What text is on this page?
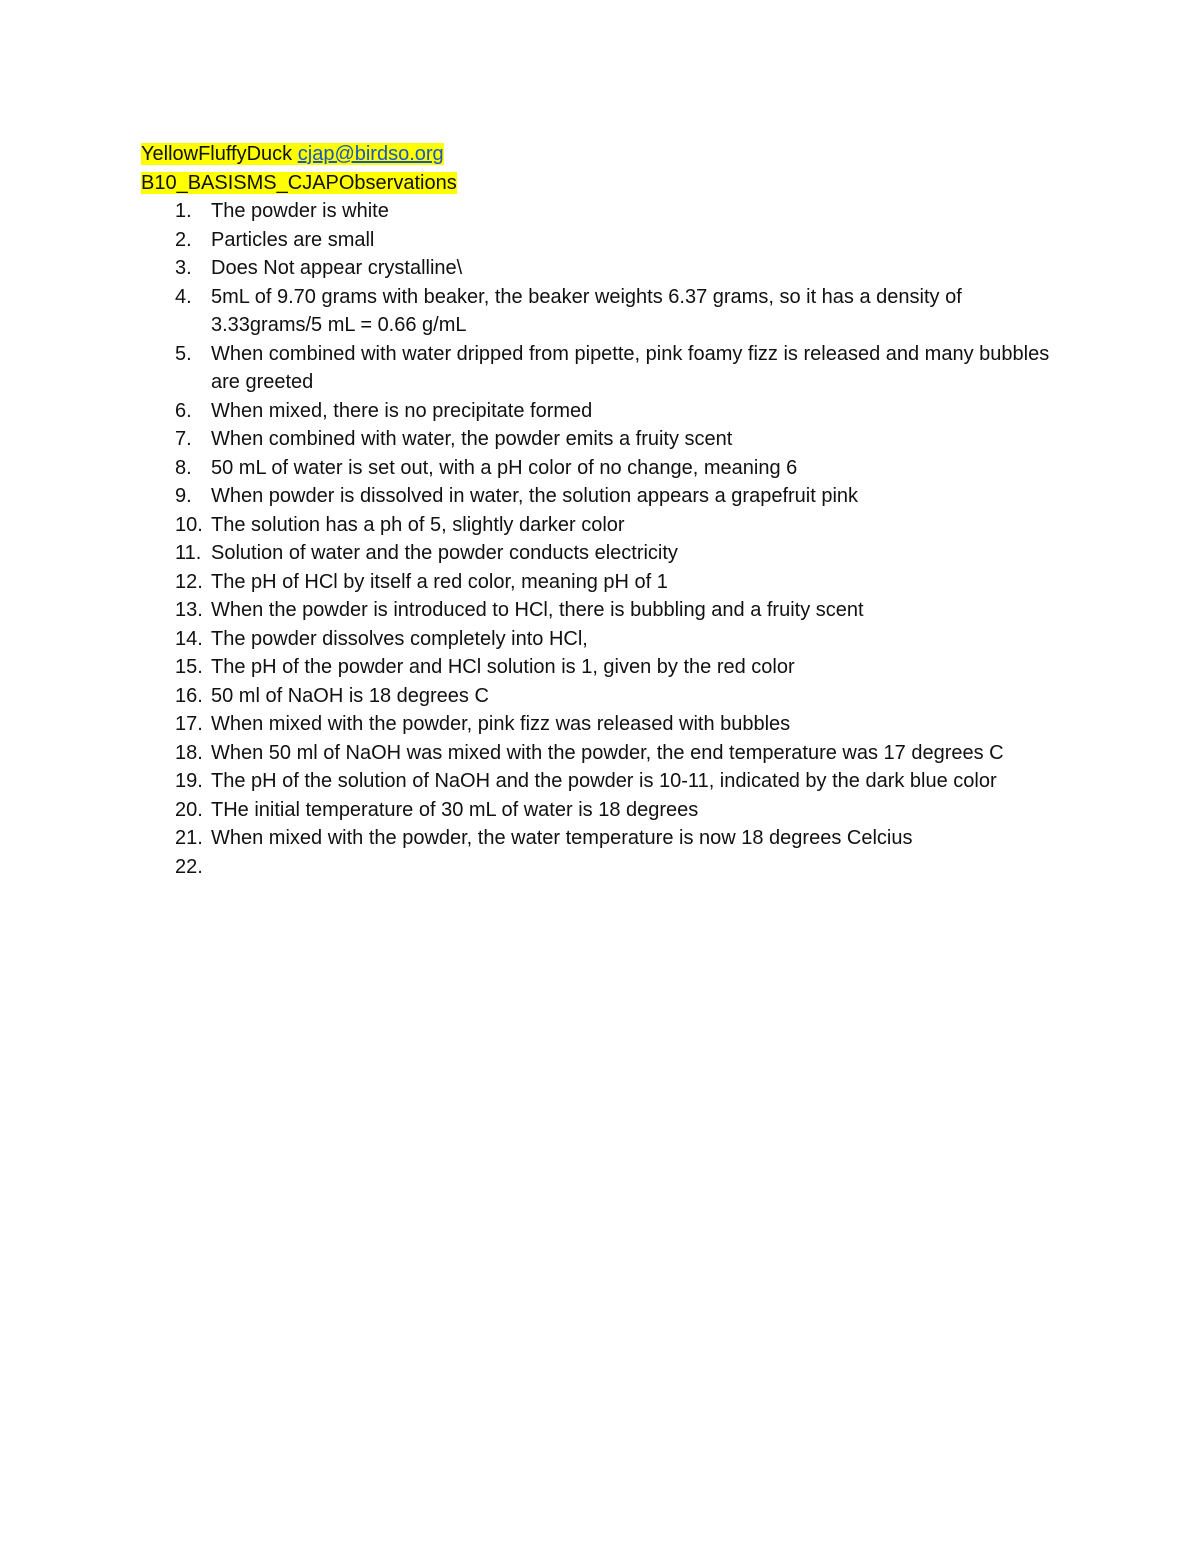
YellowFluffyDuck cjap@birdso.org
B10_BASISMS_CJAPObservations
1. The powder is white
2. Particles are small
3. Does Not appear crystalline\
4. 5mL of 9.70 grams with beaker, the beaker weights 6.37 grams, so it has a density of 3.33grams/5 mL = 0.66 g/mL
5. When combined with water dripped from pipette, pink foamy fizz is released and many bubbles are greeted
6. When mixed, there is no precipitate formed
7. When combined with water, the powder emits a fruity scent
8. 50 mL of water is set out, with a pH color of no change, meaning 6
9. When powder is dissolved in water, the solution appears a grapefruit pink
10. The solution has a ph of 5, slightly darker color
11. Solution of water and the powder conducts electricity
12. The pH of HCl by itself a red color, meaning pH of 1
13. When the powder is introduced to HCl, there is bubbling and a fruity scent
14. The powder dissolves completely into HCl,
15. The pH of the powder and HCl solution is 1, given by the red color
16. 50 ml of NaOH is 18 degrees C
17. When mixed with the powder, pink fizz was released with bubbles
18. When 50 ml of NaOH was mixed with the powder, the end temperature was 17 degrees C
19. The pH of the solution of NaOH and the powder is 10-11, indicated by the dark blue color
20. THe initial temperature of 30 mL of water is 18 degrees
21. When mixed with the powder, the water temperature is now 18 degrees Celcius
22.
